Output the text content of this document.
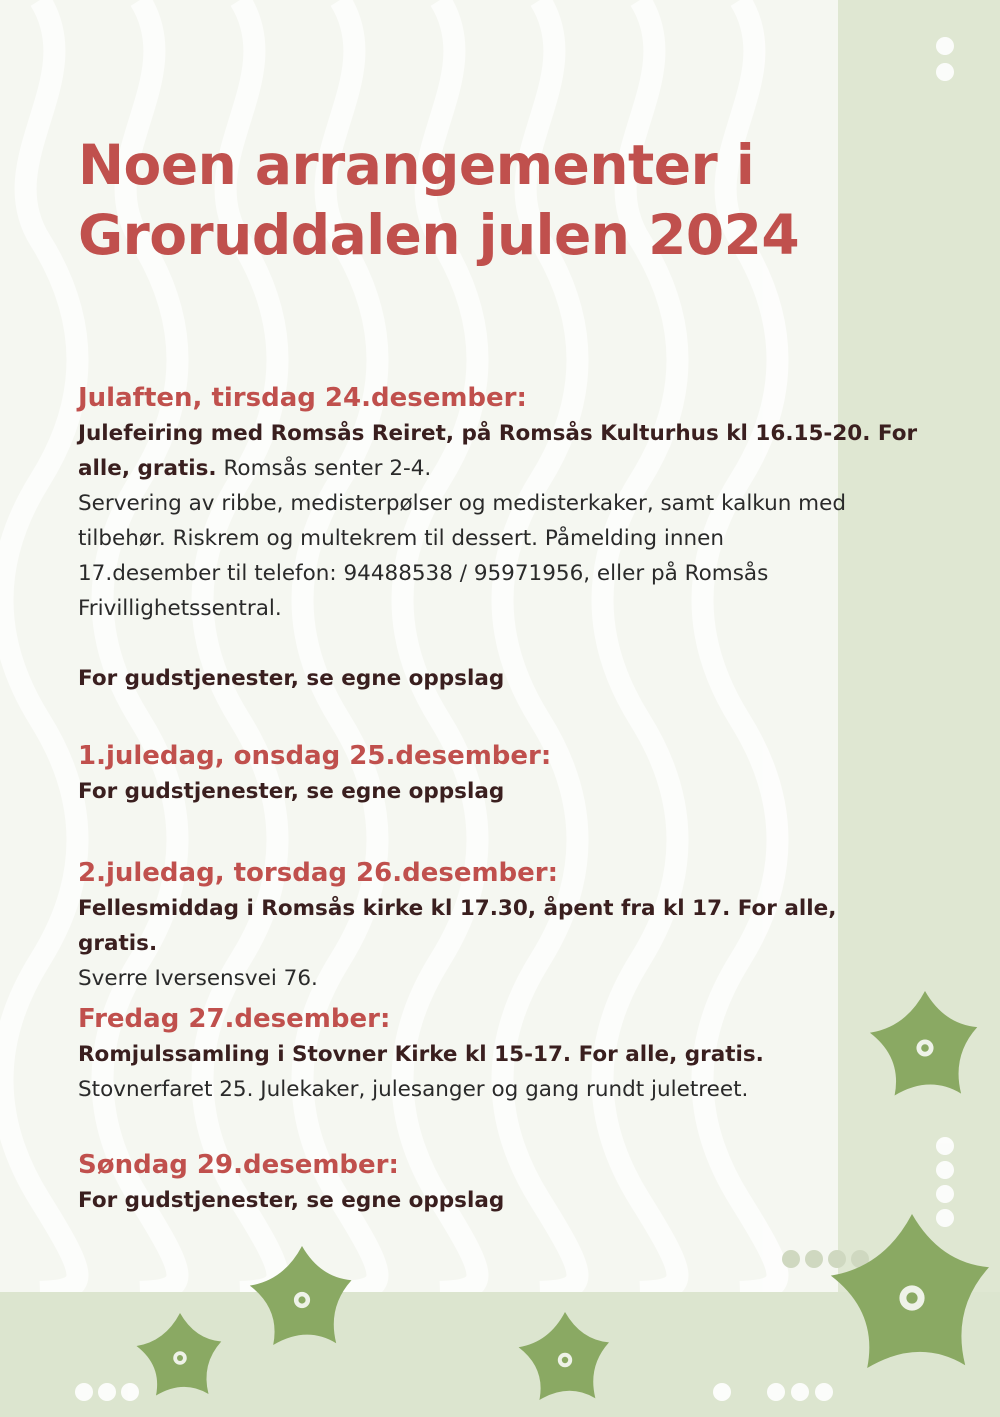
Noen arrangementer i
Groruddalen julen 2024

Julaften, tirsdag 24.desember:

Julefeiring med Romsås Reiret, på Romsås Kulturhus kl 16.15-20. For

alle, gratis. Romsås senter 2-4.

Servering av ribbe, medisterpølser og medisterkaker, samt kalkun med

tilbehør. Riskrem og multekrem til dessert. Påmelding innen

17.desember til telefon: 94488538 / 95971956, eller på Romsås

Frivillighetssentral.

For gudstjenester, se egne oppslag

1.juledag, onsdag 25.desember:

For gudstjenester, se egne oppslag

2.juledag, torsdag 26.desember:

Fellesmiddag i Romsås kirke kl 17.30, åpent fra kl 17. For alle, gratis.

Sverre Iversensvei 76.

Fredag 27.desember:

Romjulssamling i Stovner Kirke kl 15-17. For alle, gratis.

Stovnerfaret 25. Julekaker, julesanger og gang rundt juletreet.

Søndag 29.desember:

For gudstjenester, se egne oppslag
